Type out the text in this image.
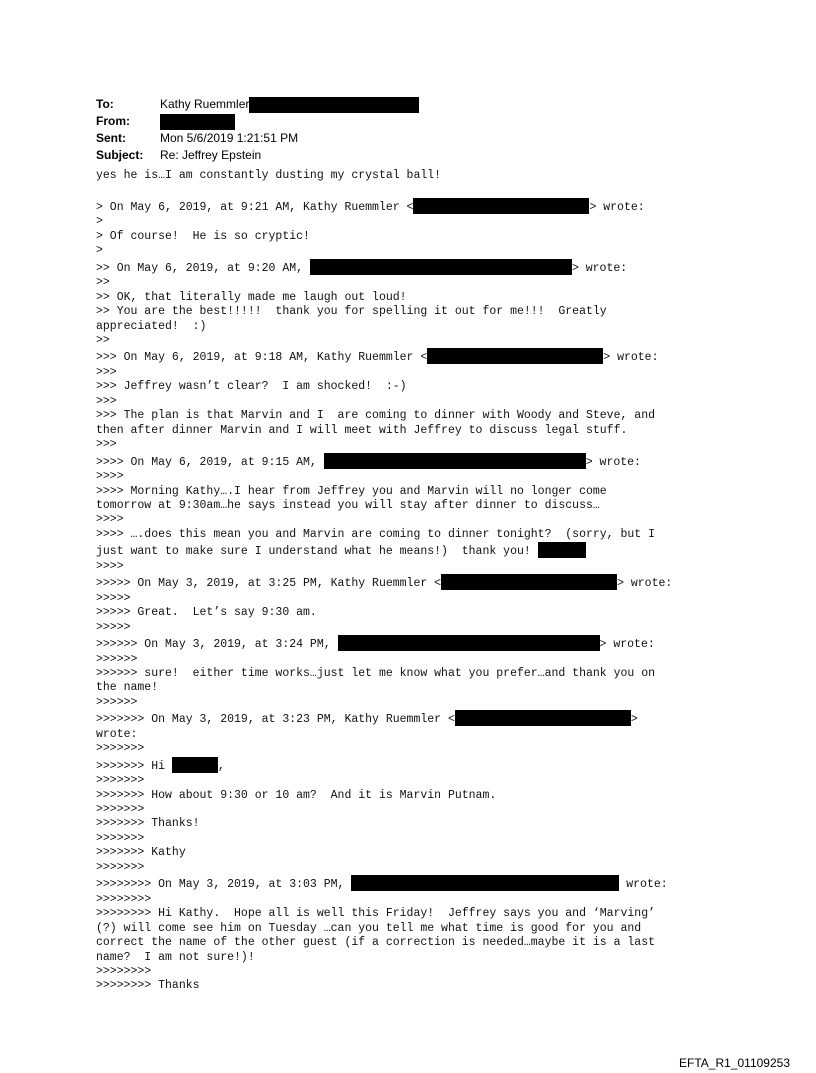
To:	Kathy Ruemmler
From:
Sent:	Mon 5/6/2019 1:21:51 PM
Subject: Re: Jeffrey Epstein
yes he is…I am constantly dusting my crystal ball!

> On May 6, 2019, at 9:21 AM, Kathy Ruemmler <	> wrote:
>
> Of course!  He is so cryptic!
>
>> On May 6, 2019, at 9:20 AM,	> wrote:
>>
>> OK, that literally made me laugh out loud!
>> You are the best!!!!!  thank you for spelling it out for me!!!  Greatly
appreciated!  :)
>>
>>> On May 6, 2019, at 9:18 AM, Kathy Ruemmler <	> wrote:
>>>
>>> Jeffrey wasn’t clear?  I am shocked!  :-)
>>>
>>> The plan is that Marvin and I  are coming to dinner with Woody and Steve, and
then after dinner Marvin and I will meet with Jeffrey to discuss legal stuff.
>>>
>>>> On May 6, 2019, at 9:15 AM,	> wrote:
>>>>
>>>> Morning Kathy….I hear from Jeffrey you and Marvin will no longer come
tomorrow at 9:30am…he says instead you will stay after dinner to discuss…
>>>>
>>>> ….does this mean you and Marvin are coming to dinner tonight?  (sorry, but I
just want to make sure I understand what he means!)  thank you!
>>>>
>>>>> On May 3, 2019, at 3:25 PM, Kathy Ruemmler <	> wrote:
>>>>>
>>>>> Great.  Let’s say 9:30 am.
>>>>>
>>>>>> On May 3, 2019, at 3:24 PM,	> wrote:
>>>>>>
>>>>>> sure!  either time works…just let me know what you prefer…and thank you on
the name!
>>>>>>
>>>>>>> On May 3, 2019, at 3:23 PM, Kathy Ruemmler <	>
wrote:
>>>>>>>
>>>>>>> Hi	,
>>>>>>>
>>>>>>> How about 9:30 or 10 am?  And it is Marvin Putnam.
>>>>>>>
>>>>>>> Thanks!
>>>>>>>
>>>>>>> Kathy
>>>>>>>
>>>>>>>> On May 3, 2019, at 3:03 PM,	wrote:
>>>>>>>>
>>>>>>>> Hi Kathy.  Hope all is well this Friday!  Jeffrey says you and ‘Marving’
(?) will come see him on Tuesday …can you tell me what time is good for you and
correct the name of the other guest (if a correction is needed…maybe it is a last
name?  I am not sure!)!
>>>>>>>>
>>>>>>>> Thanks
EFTA_R1_01109253
